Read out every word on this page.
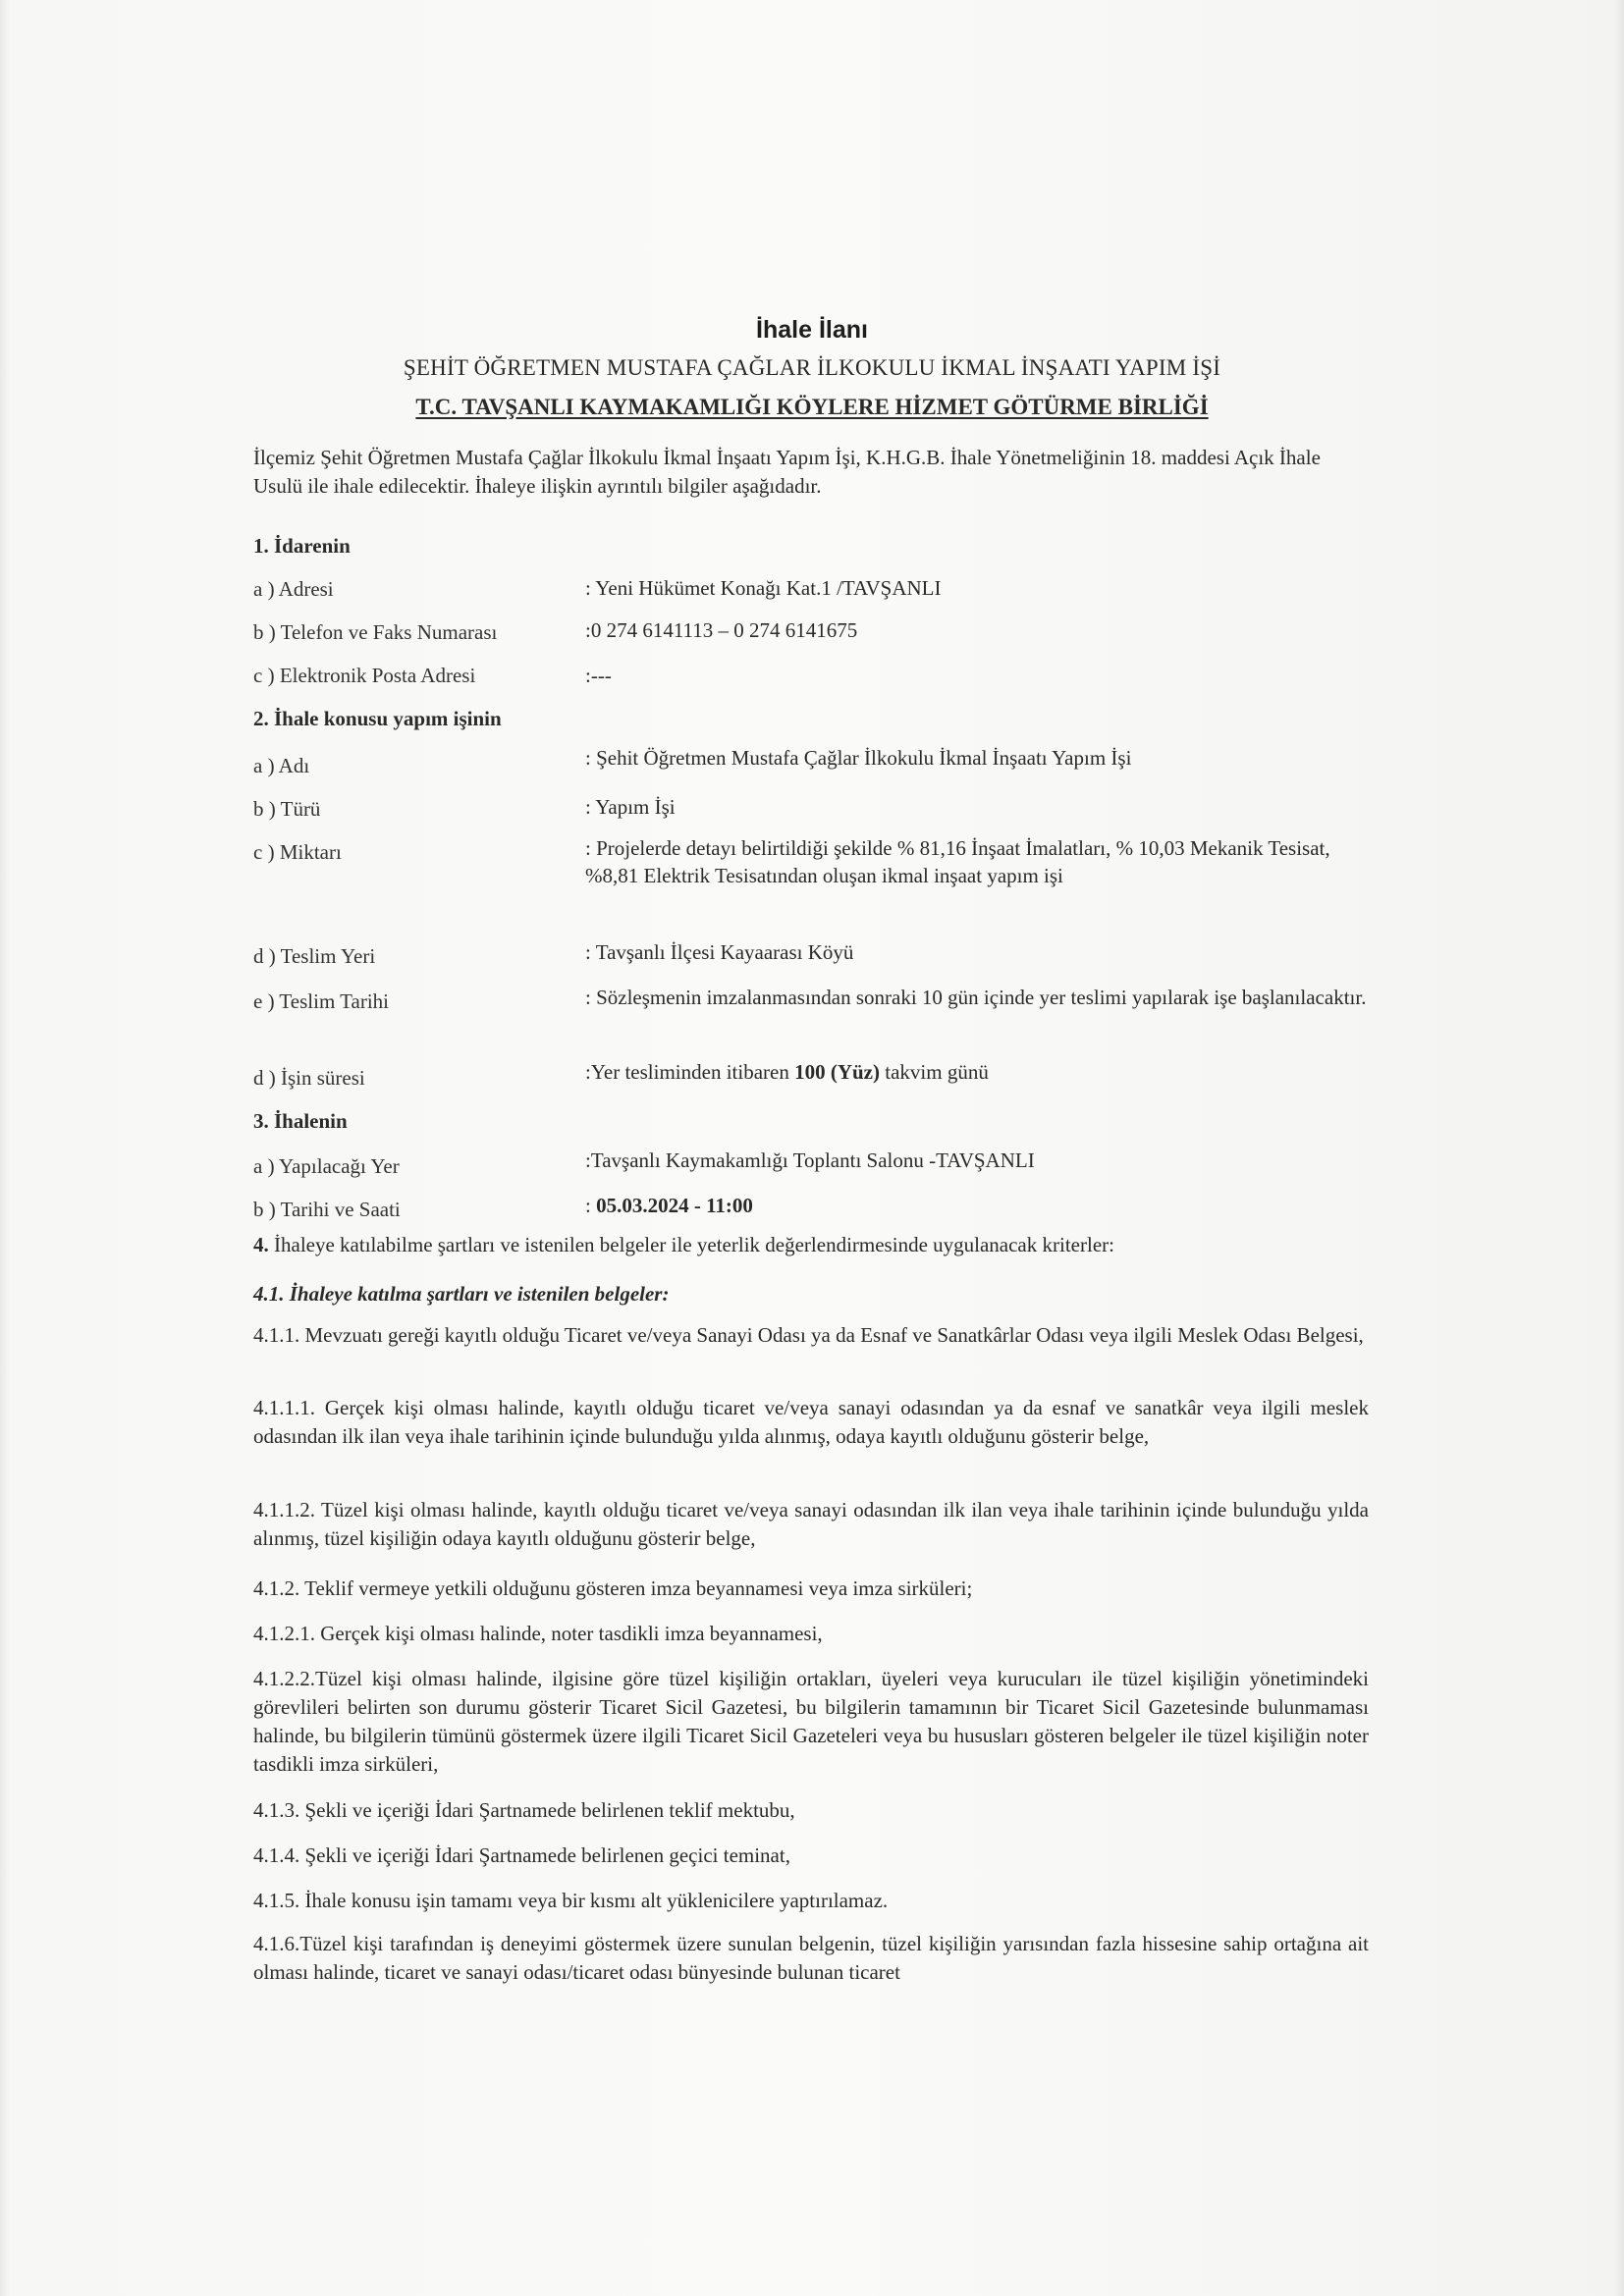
İhale İlanı
ŞEHİT ÖĞRETMEN MUSTAFA ÇAĞLAR İLKOKULU İKMAL İNŞAATI YAPIM İŞİ
T.C. TAVŞANLI KAYMAKAMLIĞI KÖYLERE HİZMET GÖTÜRME BİRLİĞİ
İlçemiz Şehit Öğretmen Mustafa Çağlar İlkokulu İkmal İnşaatı Yapım İşi, K.H.G.B. İhale Yönetmeliğinin 18. maddesi Açık İhale Usulü ile ihale edilecektir. İhaleye ilişkin ayrıntılı bilgiler aşağıdadır.
1. İdarenin
a ) Adresi	: Yeni Hükümet Konağı Kat.1 /TAVŞANLI
b ) Telefon ve Faks Numarası	:0 274 6141113 – 0 274 6141675
c ) Elektronik Posta Adresi	:---
2. İhale konusu yapım işinin
a ) Adı	: Şehit Öğretmen Mustafa Çağlar İlkokulu İkmal İnşaatı Yapım İşi
b ) Türü	: Yapım İşi
c ) Miktarı	: Projelerde detayı belirtildiği şekilde % 81,16 İnşaat İmalatları, % 10,03 Mekanik Tesisat, %8,81 Elektrik Tesisatından oluşan ikmal inşaat yapım işi
d ) Teslim Yeri	: Tavşanlı İlçesi Kayaarası Köyü
e ) Teslim Tarihi	: Sözleşmenin imzalanmasından sonraki 10 gün içinde yer teslimi yapılarak işe başlanılacaktır.
d ) İşin süresi	:Yer tesliminden itibaren 100 (Yüz) takvim günü
3. İhalenin
a ) Yapılacağı Yer	:Tavşanlı Kaymakamlığı Toplantı Salonu -TAVŞANLI
b ) Tarihi ve Saati	: 05.03.2024 - 11:00
4. İhaleye katılabilme şartları ve istenilen belgeler ile yeterlik değerlendirmesinde uygulanacak kriterler:
4.1. İhaleye katılma şartları ve istenilen belgeler:
4.1.1. Mevzuatı gereği kayıtlı olduğu Ticaret ve/veya Sanayi Odası ya da Esnaf ve Sanatkârlar Odası veya ilgili Meslek Odası Belgesi,
4.1.1.1. Gerçek kişi olması halinde, kayıtlı olduğu ticaret ve/veya sanayi odasından ya da esnaf ve sanatkâr veya ilgili meslek odasından ilk ilan veya ihale tarihinin içinde bulunduğu yılda alınmış, odaya kayıtlı olduğunu gösterir belge,
4.1.1.2. Tüzel kişi olması halinde, kayıtlı olduğu ticaret ve/veya sanayi odasından ilk ilan veya ihale tarihinin içinde bulunduğu yılda alınmış, tüzel kişiliğin odaya kayıtlı olduğunu gösterir belge,
4.1.2. Teklif vermeye yetkili olduğunu gösteren imza beyannamesi veya imza sirküleri;
4.1.2.1. Gerçek kişi olması halinde, noter tasdikli imza beyannamesi,
4.1.2.2.Tüzel kişi olması halinde, ilgisine göre tüzel kişiliğin ortakları, üyeleri veya kurucuları ile tüzel kişiliğin yönetimindeki görevlileri belirten son durumu gösterir Ticaret Sicil Gazetesi, bu bilgilerin tamamının bir Ticaret Sicil Gazetesinde bulunmaması halinde, bu bilgilerin tümünü göstermek üzere ilgili Ticaret Sicil Gazeteleri veya bu hususları gösteren belgeler ile tüzel kişiliğin noter tasdikli imza sirküleri,
4.1.3. Şekli ve içeriği İdari Şartnamede belirlenen teklif mektubu,
4.1.4. Şekli ve içeriği İdari Şartnamede belirlenen geçici teminat,
4.1.5. İhale konusu işin tamamı veya bir kısmı alt yüklenicilere yaptırılamaz.
4.1.6.Tüzel kişi tarafından iş deneyimi göstermek üzere sunulan belgenin, tüzel kişiliğin yarısından fazla hissesine sahip ortağına ait olması halinde, ticaret ve sanayi odası/ticaret odası bünyesinde bulunan ticaret
